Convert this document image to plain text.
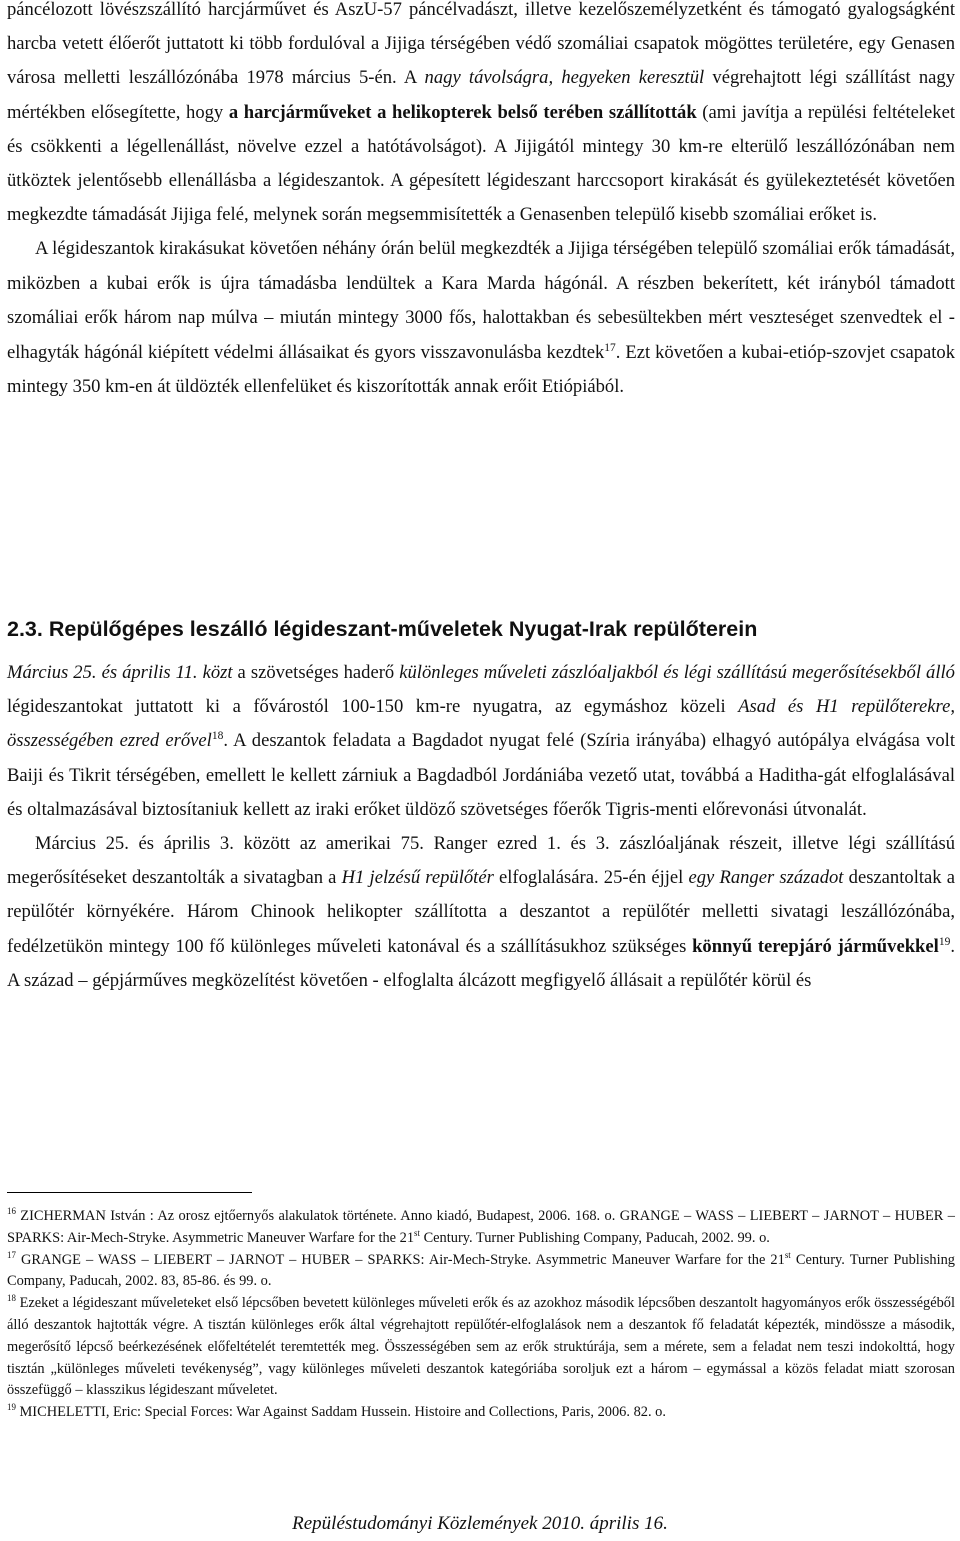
páncélozott lövészszállító harcjárművet és AszU-57 páncélvadászt, illetve kezelőszemélyzetként és támogató gyalogságként harcba vetett élőerőt juttatott ki több fordulóval a Jijiga térségében védő szomáliai csapatok mögöttes területére, egy Genasen városa melletti leszállózónába 1978 március 5-én. A nagy távolságra, hegyeken keresztül végrehajtott légi szállítást nagy mértékben elősegítette, hogy a harcjárműveket a helikopterek belső terében szállították (ami javítja a repülési feltételeket és csökkenti a légellenállást, növelve ezzel a hatótávolságot). A Jijigától mintegy 30 km-re elterülő leszállózónában nem ütköztek jelentősebb ellenállásba a légideszantok. A gépesített légideszant harccsoport kirakását és gyülekeztetését követően megkezdte támadását Jijiga felé, melynek során megsemmisítették a Genasenben települő kisebb szomáliai erőket is.

A légideszantok kirakásukat követően néhány órán belül megkezdték a Jijiga térségében települő szomáliai erők támadását, miközben a kubai erők is újra támadásba lendültek a Kara Marda hágónál. A részben bekerített, két irányból támadott szomáliai erők három nap múlva – miután mintegy 3000 fős, halottakban és sebesültekben mért veszteséget szenvedtek el - elhagyták hágónál kiépített védelmi állásaikat és gyors visszavonulásba kezdtek$^{17}$. Ezt követően a kubai-etióp-szovjet csapatok mintegy 350 km-en át üldözték ellenfelüket és kiszorították annak erőit Etiópiából.

2.3. Repülőgépes leszálló légideszant-műveletek Nyugat-Irak repülőterein

Március 25. és április 11. közt a szövetséges haderő különleges műveleti zászlóaljakból és légi szállítású megerősítésekből álló légideszantokat juttatott ki a fővárostól 100-150 km-re nyugatra, az egymáshoz közeli Asad és H1 repülőterekre, összességében ezred erővel$^{18}$. A deszantok feladata a Bagdadot nyugat felé (Szíria irányába) elhagyó autópálya elvágása volt Baiji és Tikrit térségében, emellett le kellett zárniuk a Bagdadból Jordániába vezető utat, továbbá a Haditha-gát elfoglalásával és oltalmazásával biztosítaniuk kellett az iraki erőket üldöző szövetséges főerők Tigris-menti előrevonási útvonalát.

Március 25. és április 3. között az amerikai 75. Ranger ezred 1. és 3. zászlóaljának részeit, illetve légi szállítású megerősítéseket deszantolták a sivatagban a H1 jelzésű repülőtér elfoglalására. 25-én éjjel egy Ranger századot deszantoltak a repülőtér környékére. Három Chinook helikopter szállította a deszantot a repülőtér melletti sivatagi leszállózónába, fedélzetükön mintegy 100 fő különleges műveleti katonával és a szállításukhoz szükséges könnyű terepjáró járművekkel$^{19}$. A század – gépjárműves megközelítést követően - elfoglalta álcázott megfigyelő állásait a repülőtér körül és

$^{16}$ ZICHERMAN István : Az orosz ejtőernyős alakulatok története. Anno kiadó, Budapest, 2006. 168. o. GRANGE – WASS – LIEBERT – JARNOT – HUBER – SPARKS: Air-Mech-Stryke. Asymmetric Maneuver Warfare for the 21st Century. Turner Publishing Company, Paducah, 2002. 99. o.

$^{17}$ GRANGE – WASS – LIEBERT – JARNOT – HUBER – SPARKS: Air-Mech-Stryke. Asymmetric Maneuver Warfare for the 21st Century. Turner Publishing Company, Paducah, 2002. 83, 85-86. és 99. o.

$^{18}$ Ezeket a légideszant műveleteket első lépcsőben bevetett különleges műveleti erők és az azokhoz második lépcsőben deszantolt hagyományos erők összességéből álló deszantok hajtották végre. A tisztán különleges erők által végrehajtott repülőtér-elfoglalások nem a deszantok fő feladatát képezték, mindössze a második, megerősítő lépcső beérkezésének előfeltételét teremtették meg. Összességében sem az erők struktúrája, sem a mérete, sem a feladat nem teszi indokolttá, hogy tisztán „különleges műveleti tevékenység”, vagy különleges műveleti deszantok kategóriába soroljuk ezt a három – egymással a közös feladat miatt szorosan összefüggő – klasszikus légideszant műveletet.

$^{19}$ MICHELETTI, Eric: Special Forces: War Against Saddam Hussein. Histoire and Collections, Paris, 2006. 82. o.

Repüléstudományi Közlemények 2010. április 16.
